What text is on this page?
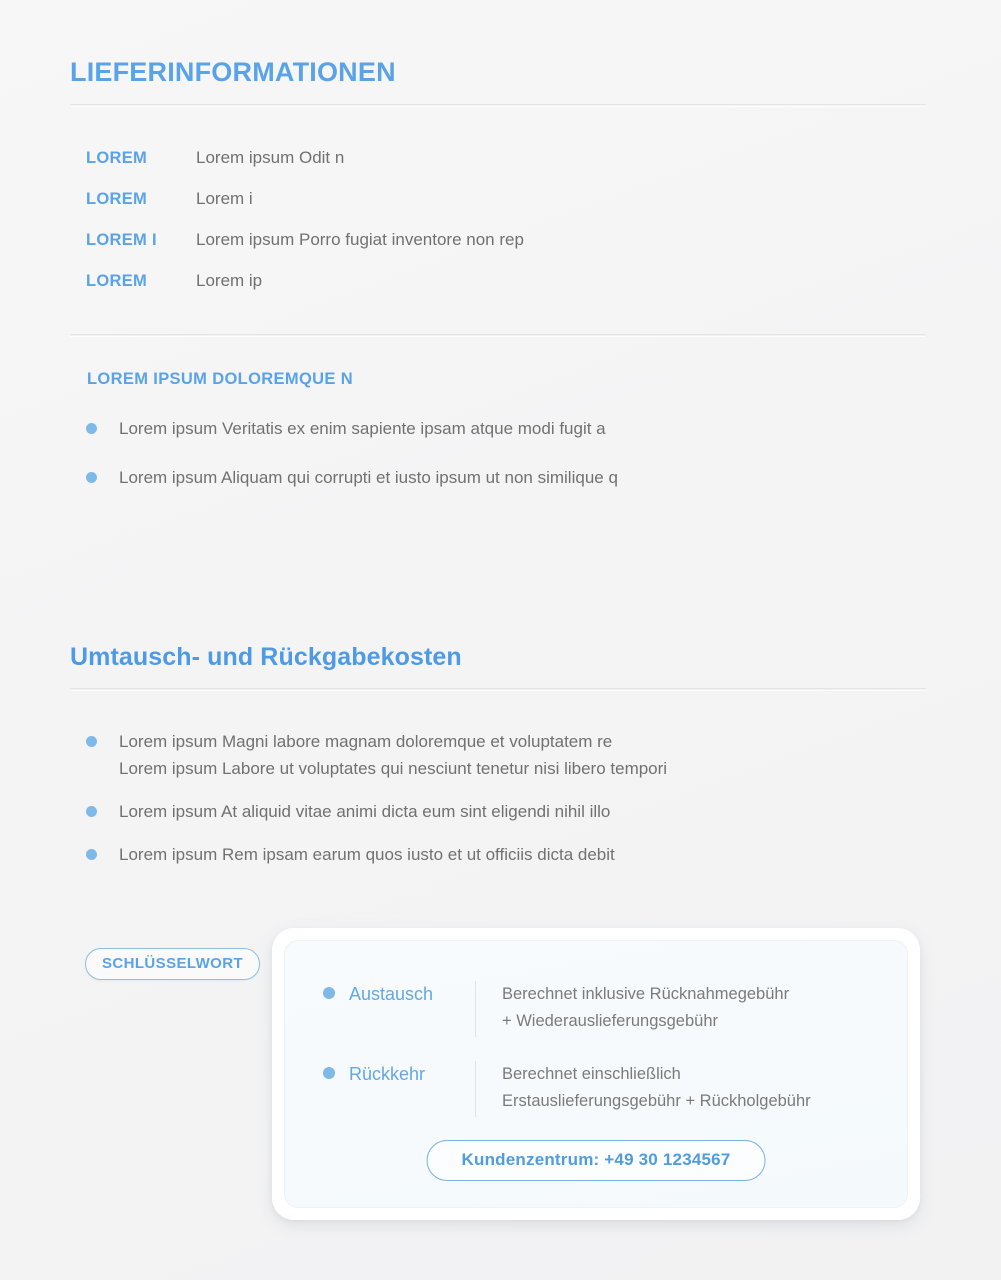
LIEFERINFORMATIONEN
LOREM	Lorem ipsum Odit n
LOREM	Lorem i
LOREM I	Lorem ipsum Porro fugiat inventore non rep
LOREM	Lorem ip
LOREM IPSUM DOLOREMQUE N
Lorem ipsum Veritatis ex enim sapiente ipsam atque modi fugit a
Lorem ipsum Aliquam qui corrupti et iusto ipsum ut non similique q
Umtausch- und Rückgabekosten
Lorem ipsum Magni labore magnam doloremque et voluptatem re
Lorem ipsum Labore ut voluptates qui nesciunt tenetur nisi libero tempori
Lorem ipsum At aliquid vitae animi dicta eum sint eligendi nihil illo
Lorem ipsum Rem ipsam earum quos iusto et ut officiis dicta debit
SCHLÜSSELWORT
Austausch	Berechnet inklusive Rücknahmegebühr
+ Wiederauslieferungsgebühr
Rückkehr	Berechnet einschließlich
Erstauslieferungsgebühr + Rückholgebühr
Kundenzentrum: +49 30 1234567
